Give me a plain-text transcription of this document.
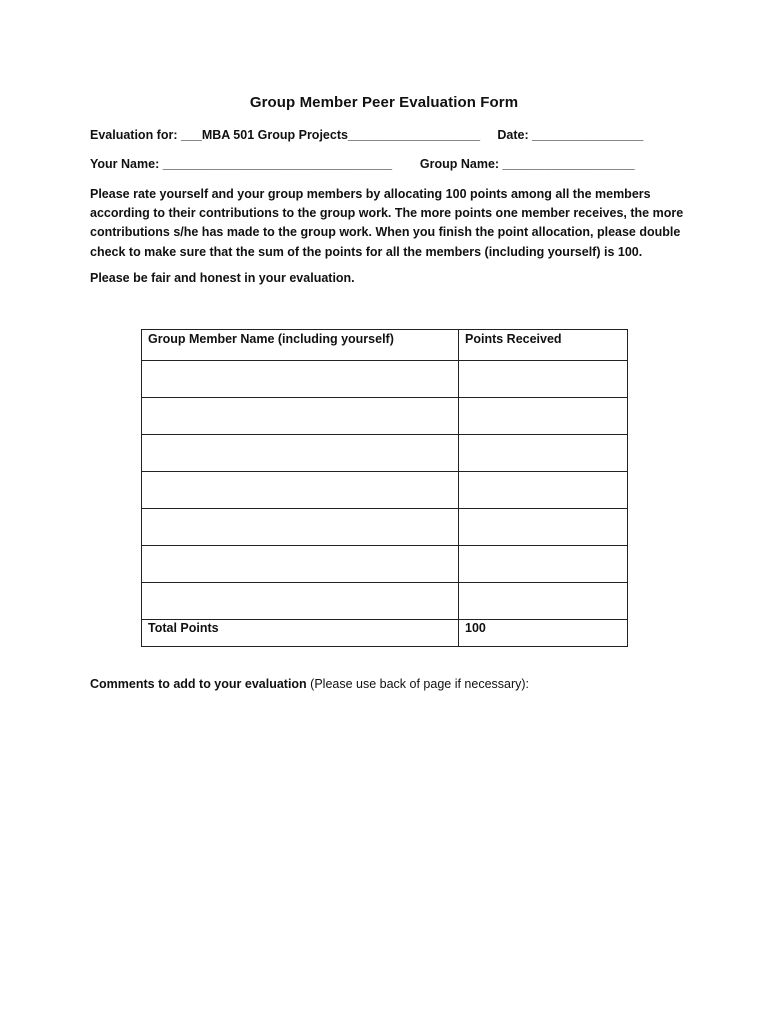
Group Member Peer Evaluation Form
Evaluation for: ___MBA 501 Group Projects___________________     Date: ________________
Your Name: _________________________________        Group Name: ___________________
Please rate yourself and your group members by allocating 100 points among all the members according to their contributions to the group work. The more points one member receives, the more contributions s/he has made to the group work. When you finish the point allocation, please double check to make sure that the sum of the points for all the members (including yourself) is 100.
Please be fair and honest in your evaluation.
Group Member Name (including yourself)	Points Received

Total Points	100
Comments to add to your evaluation (Please use back of page if necessary):
